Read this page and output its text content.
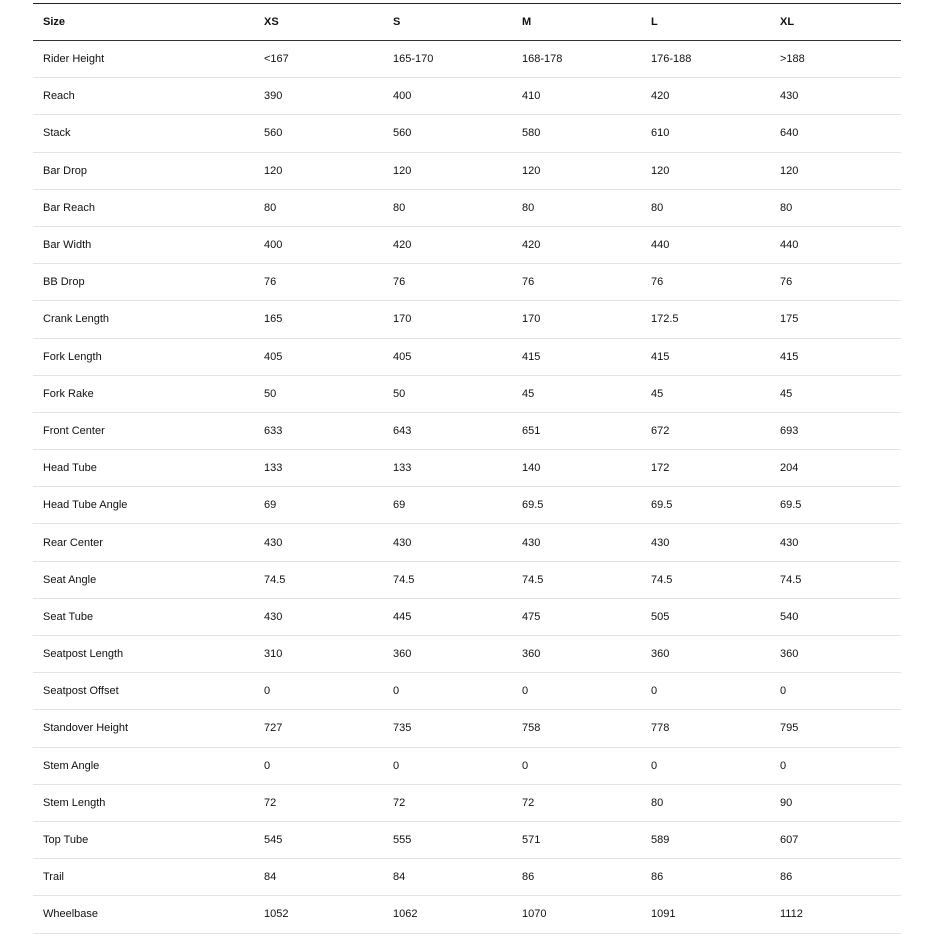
Size	XS	S	M	L	XL
Rider Height	<167	165-170	168-178	176-188	>188
Reach	390	400	410	420	430
Stack	560	560	580	610	640
Bar Drop	120	120	120	120	120
Bar Reach	80	80	80	80	80
Bar Width	400	420	420	440	440
BB Drop	76	76	76	76	76
Crank Length	165	170	170	172.5	175
Fork Length	405	405	415	415	415
Fork Rake	50	50	45	45	45
Front Center	633	643	651	672	693
Head Tube	133	133	140	172	204
Head Tube Angle	69	69	69.5	69.5	69.5
Rear Center	430	430	430	430	430
Seat Angle	74.5	74.5	74.5	74.5	74.5
Seat Tube	430	445	475	505	540
Seatpost Length	310	360	360	360	360
Seatpost Offset	0	0	0	0	0
Standover Height	727	735	758	778	795
Stem Angle	0	0	0	0	0
Stem Length	72	72	72	80	90
Top Tube	545	555	571	589	607
Trail	84	84	86	86	86
Wheelbase	1052	1062	1070	1091	1112
